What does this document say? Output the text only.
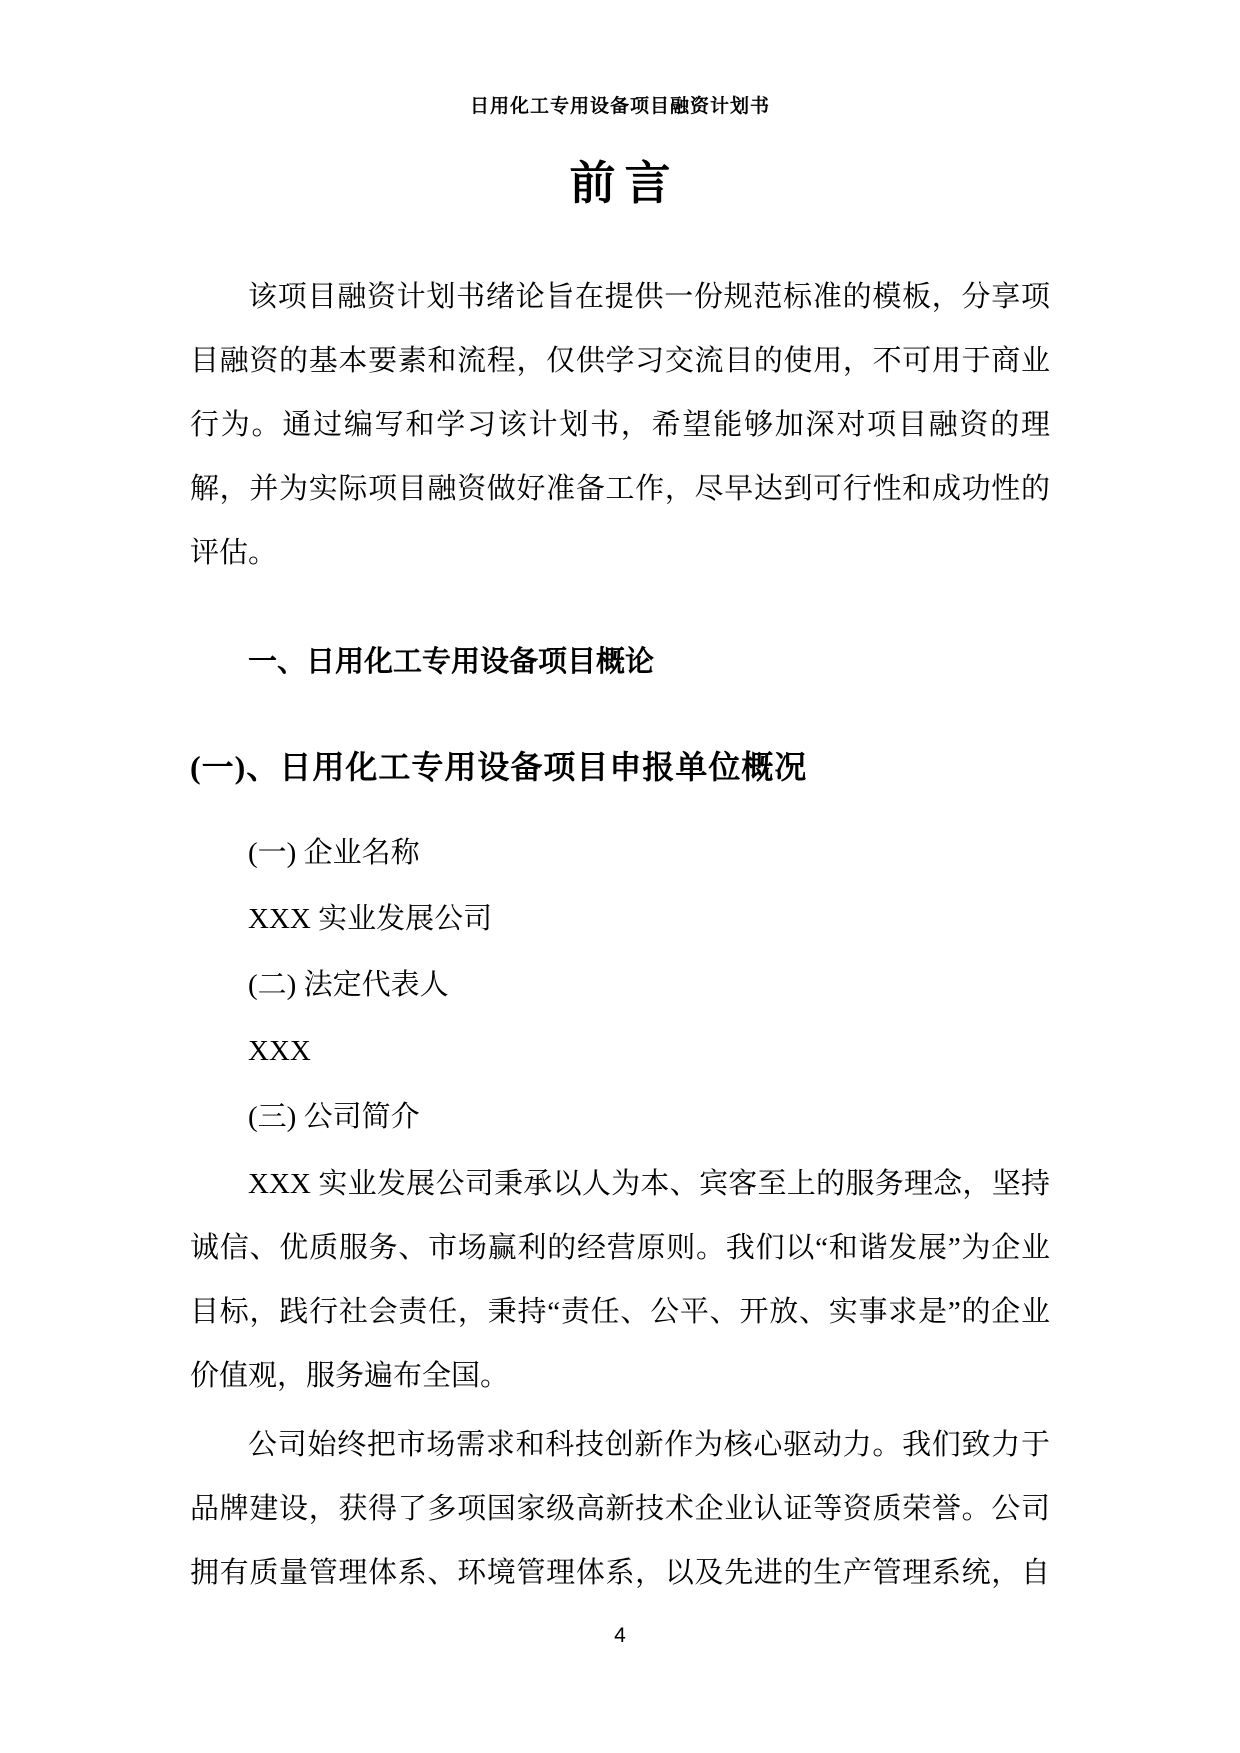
日用化工专用设备项目融资计划书
前言

该项目融资计划书绪论旨在提供一份规范标准的模板，分享项目融资的基本要素和流程，仅供学习交流目的使用，不可用于商业行为。通过编写和学习该计划书，希望能够加深对项目融资的理解，并为实际项目融资做好准备工作，尽早达到可行性和成功性的评估。

一、日用化工专用设备项目概论
(一)、日用化工专用设备项目申报单位概况
(一) 企业名称
XXX 实业发展公司
(二) 法定代表人
XXX
(三) 公司简介

XXX 实业发展公司秉承以人为本、宾客至上的服务理念，坚持诚信、优质服务、市场赢利的经营原则。我们以“和谐发展”为企业目标，践行社会责任，秉持“责任、公平、开放、实事求是”的企业价值观，服务遍布全国。

公司始终把市场需求和科技创新作为核心驱动力。我们致力于品牌建设，获得了多项国家级高新技术企业认证等资质荣誉。公司拥有质量管理体系、环境管理体系，以及先进的生产管理系统，自

4
